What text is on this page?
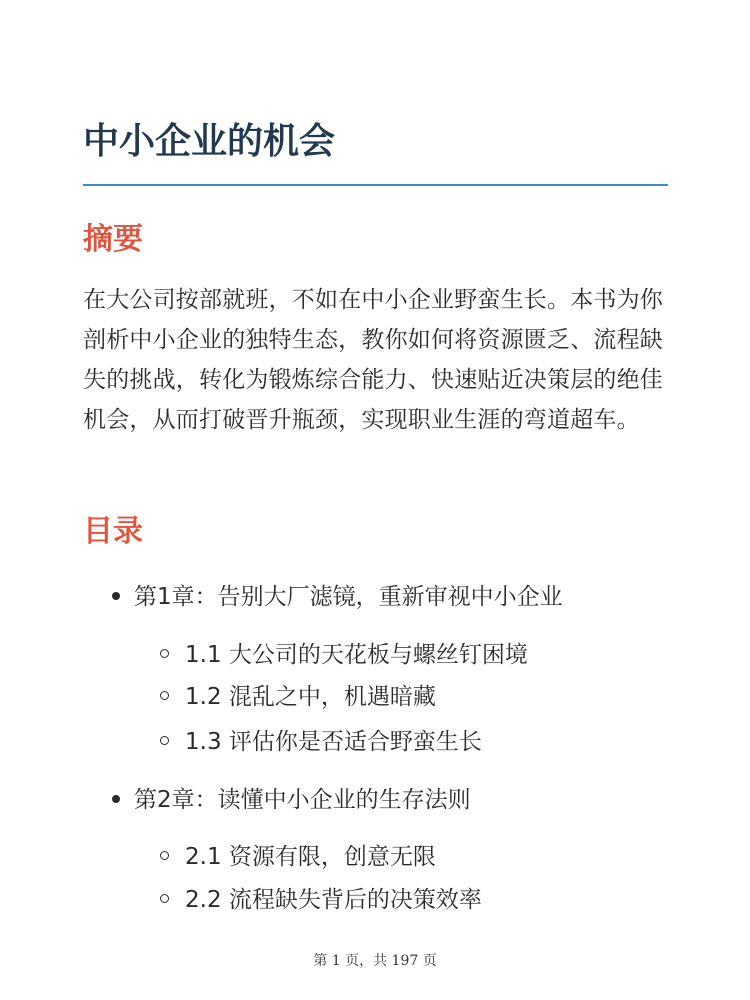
中小企业的机会
摘要

在大公司按部就班，不如在中小企业野蛮生长。本书为你剖析中小企业的独特生态，教你如何将资源匮乏、流程缺失的挑战，转化为锻炼综合能力、快速贴近决策层的绝佳机会，从而打破晋升瓶颈，实现职业生涯的弯道超车。

目录
第1章：告别大厂滤镜，重新审视中小企业
1.1 大公司的天花板与螺丝钉困境
1.2 混乱之中，机遇暗藏
1.3 评估你是否适合野蛮生长
第2章：读懂中小企业的生存法则
2.1 资源有限，创意无限
2.2 流程缺失背后的决策效率
第 1 页，共 197 页
